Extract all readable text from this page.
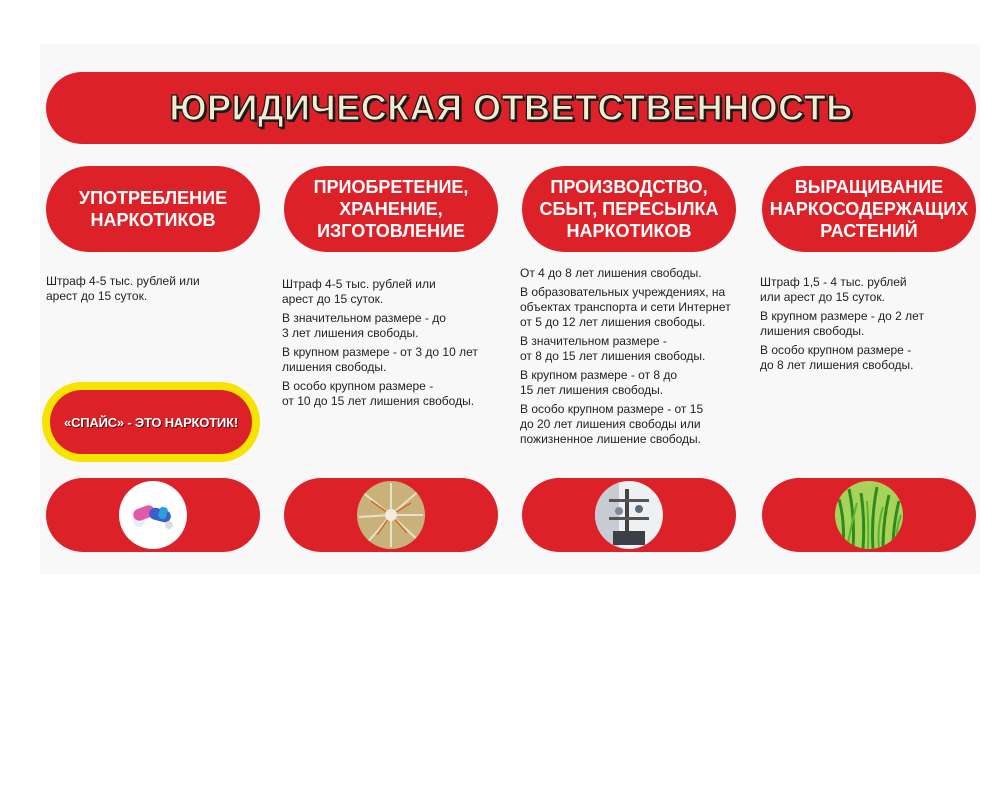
ЮРИДИЧЕСКАЯ ОТВЕТСТВЕННОСТЬ
УПОТРЕБЛЕНИЕ
НАРКОТИКОВ
ПРИОБРЕТЕНИЕ,
ХРАНЕНИЕ,
ИЗГОТОВЛЕНИЕ
ПРОИЗВОДСТВО,
СБЫТ, ПЕРЕСЫЛКА
НАРКОТИКОВ
ВЫРАЩИВАНИЕ
НАРКОСОДЕРЖАЩИХ
РАСТЕНИЙ

Штраф 4-5 тыс. рублей или
арест до 15 суток.

Штраф 4-5 тыс. рублей или
арест до 15 суток.

В значительном размере - до
3 лет лишения свободы.

В крупном размере - от 3 до 10 лет
лишения свободы.

В особо крупном размере -
от 10 до 15 лет лишения свободы.

От 4 до 8 лет лишения свободы.

В образовательных учреждениях, на
объектах транспорта и сети Интернет
от 5 до 12 лет лишения свободы.

В значительном размере -
от 8 до 15 лет лишения свободы.

В крупном размере - от 8 до
15 лет лишения свободы.

В особо крупном размере - от 15
до 20 лет лишения свободы или
пожизненное лишение свободы.

Штраф 1,5 - 4 тыс. рублей
или арест до 15 суток.

В крупном размере - до 2 лет
лишения свободы.

В особо крупном размере -
до 8 лет лишения свободы.

«СПАЙС» - ЭТО НАРКОТИК!
